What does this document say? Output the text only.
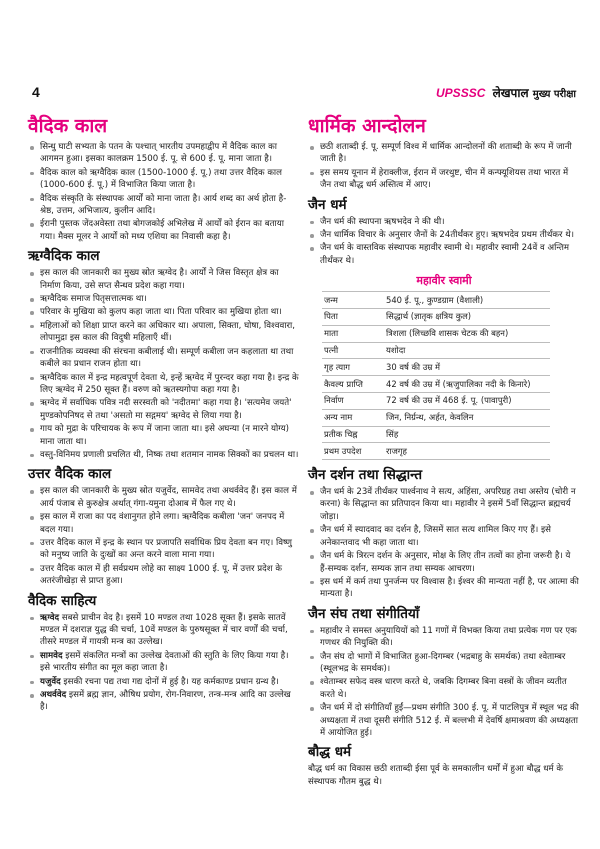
4	UPSSSC लेखपाल मुख्य परीक्षा
वैदिक काल
सिन्धु घाटी सभ्यता के पतन के पश्चात् भारतीय उपमहाद्वीप में वैदिक काल का आगमन हुआ। इसका कालक्रम 1500 ई. पू. से 600 ई. पू. माना जाता है।
वैदिक काल को ऋग्वैदिक काल (1500-1000 ई. पू.) तथा उत्तर वैदिक काल (1000-600 ई. पू.) में विभाजित किया जाता है।
वैदिक संस्कृति के संस्थापक आर्यों को माना जाता है। आर्य शब्द का अर्थ होता है- श्रेष्ठ, उत्तम, अभिजात्य, कुलीन आदि।
ईरानी पुस्तक जेंदअवेस्ता तथा बोगजकोई अभिलेख में आर्यों को ईरान का बताया गया। मैक्स मूलर ने आर्यों को मध्य एशिया का निवासी कहा है।
ऋग्वैदिक काल
इस काल की जानकारी का मुख्य स्रोत ऋग्वेद है। आर्यों ने जिस विस्तृत क्षेत्र का निर्माण किया, उसे सप्त सैन्धव प्रदेश कहा गया।
ऋग्वैदिक समाज पितृसत्तात्मक था।
परिवार के मुखिया को कुलप कहा जाता था। पिता परिवार का मुखिया होता था।
महिलाओं को शिक्षा प्राप्त करने का अधिकार था। अपाला, सिक्ता, घोषा, विश्ववारा, लोपामुद्रा इस काल की विदुषी महिलाएँ थीं।
राजनीतिक व्यवस्था की संरचना कबीलाई थी। सम्पूर्ण कबीला जन कहलाता था तथा कबीले का प्रधान राजन होता था।
ऋग्वैदिक काल में इन्द्र महत्वपूर्ण देवता थे, इन्हें ऋग्वेद में पुरन्दर कहा गया है। इन्द्र के लिए ऋग्वेद में 250 सूक्त हैं। वरुण को ऋतस्यगोपा कहा गया है।
ऋग्वेद में सर्वाधिक पवित्र नदी सरस्वती को 'नदीतमा' कहा गया है। 'सत्यमेव जयते' मुण्डकोपनिषद से तथा 'असतो मा सद्गमय' ऋग्वेद से लिया गया है।
गाय को मुद्रा के परिचायक के रूप में जाना जाता था। इसे अघन्या (न मारने योग्य) माना जाता था।
वस्तु-विनिमय प्रणाली प्रचलित थी, निष्क तथा शतमान नामक सिक्कों का प्रचलन था।
उत्तर वैदिक काल
इस काल की जानकारी के मुख्य स्रोत यजुर्वेद, सामवेद तथा अथर्ववेद हैं। इस काल में आर्य पंजाब से कुरुक्षेत्र अर्थात् गंगा-यमुना दोआब में फैल गए थे।
इस काल में राजा का पद वंशानुगत होने लगा। ऋग्वैदिक कबीला 'जन' जनपद में बदल गया।
उत्तर वैदिक काल में इन्द्र के स्थान पर प्रजापति सर्वाधिक प्रिय देवता बन गए। विष्णु को मनुष्य जाति के दुःखों का अन्त करने वाला माना गया।
उत्तर वैदिक काल में ही सर्वप्रथम लोहे का साक्ष्य 1000 ई. पू. में उत्तर प्रदेश के अतरंजीखेड़ा से प्राप्त हुआ।
वैदिक साहित्य
ऋग्वेद सबसे प्राचीन वेद है। इसमें 10 मण्डल तथा 1028 सूक्त हैं। इसके सातवें मण्डल में दशराज्ञ युद्ध की चर्चा, 10वें मण्डल के पुरुषसूक्त में चार वर्णों की चर्चा, तीसरे मण्डल में गायत्री मन्त्र का उल्लेख।
सामवेद इसमें संकलित मन्त्रों का उल्लेख देवताओं की स्तुति के लिए किया गया है। इसे भारतीय संगीत का मूल कहा जाता है।
यजुर्वेद इसकी रचना पद्य तथा गद्य दोनों में हुई है। यह कर्मकाण्ड प्रधान ग्रन्थ है।
अथर्ववेद इसमें ब्रह्म ज्ञान, औषिध प्रयोग, रोग-निवारण, तन्त्र-मन्त्र आदि का उल्लेख है।
धार्मिक आन्दोलन
छठी शताब्दी ई. पू. सम्पूर्ण विश्व में धार्मिक आन्दोलनों की शताब्दी के रूप में जानी जाती है।
इस समय यूनान में हेराक्लीज, ईरान में जरथुष्ट, चीन में कन्फ्यूशियस तथा भारत में जैन तथा बौद्ध धर्म अस्तित्व में आए।
जैन धर्म
जैन धर्म की स्थापना ऋषभदेव ने की थी।
जैन धार्मिक विचार के अनुसार जैनों के 24तीर्थंकर हुए। ऋषभदेव प्रथम तीर्थंकर थे।
जैन धर्म के वास्तविक संस्थापक महावीर स्वामी थे। महावीर स्वामी 24वें व अन्तिम तीर्थंकर थे।
महावीर स्वामी
जन्म	540 ई. पू., कुण्डग्राम (वैशाली)
पिता	सिद्धार्थ (ज्ञातृक क्षत्रिय कुल)
माता	त्रिशला (लिच्छवि शासक चेटक की बहन)
पत्नी	यशोदा
गृह त्याग	30 वर्ष की उम्र में
कैवल्य प्राप्ति	42 वर्ष की उम्र में (ऋजुपालिका नदी के किनारे)
निर्वाण	72 वर्ष की उम्र में 468 ई. पू. (पावापुरी)
अन्य नाम	जिन, निर्ग्रन्थ, अर्हत, केवलिन
प्रतीक चिह्न	सिंह
प्रथम उपदेश	राजगृह
जैन दर्शन तथा सिद्धान्त
जैन धर्म के 23वें तीर्थंकर पार्श्वनाथ ने सत्य, अहिंसा, अपरिग्रह तथा अस्तेय (चोरी न करना) के सिद्धान्त का प्रतिपादन किया था। महावीर ने इसमें 5वाँ सिद्धान्त ब्रह्मचर्य जोड़ा।
जैन धर्म में स्यादवाद का दर्शन है, जिसमें सात सत्य शामिल किए गए हैं। इसे अनेकान्तवाद भी कहा जाता था।
जैन धर्म के त्रिरत्न दर्शन के अनुसार, मोक्ष के लिए तीन तत्वों का होना जरूरी है। ये हैं-सम्यक दर्शन, सम्यक ज्ञान तथा सम्यक आचरण।
इस धर्म में कर्म तथा पुनर्जन्म पर विश्वास है। ईश्वर की मान्यता नहीं है, पर आत्मा की मान्यता है।
जैन संघ तथा संगीतियाँ
महावीर ने समस्त अनुयायियों को 11 गणों में विभक्त किया तथा प्रत्येक गण पर एक गणधर की नियुक्ति की।
जैन संघ दो भागों में विभाजित हुआ-दिगम्बर (भद्रबाहु के समर्थक) तथा श्वेताम्बर (स्थूलभद्र के समर्थक)।
श्वेताम्बर सफेद वस्त्र धारण करते थे, जबकि दिगम्बर बिना वस्त्रों के जीवन व्यतीत करते थे।
जैन धर्म में दो संगीतियाँ हुईं—प्रथम संगीति 300 ई. पू. में पाटलिपुत्र में स्थूल भद्र की अध्यक्षता में तथा दूसरी संगीति 512 ई. में बल्लभी में देवर्षि क्षमाश्रवण की अध्यक्षता में आयोजित हुई।
बौद्ध धर्म

बौद्ध धर्म का विकास छठी शताब्दी ईसा पूर्व के समकालीन धर्मों में हुआ बौद्ध धर्म के संस्थापक गौतम बुद्ध थे।
